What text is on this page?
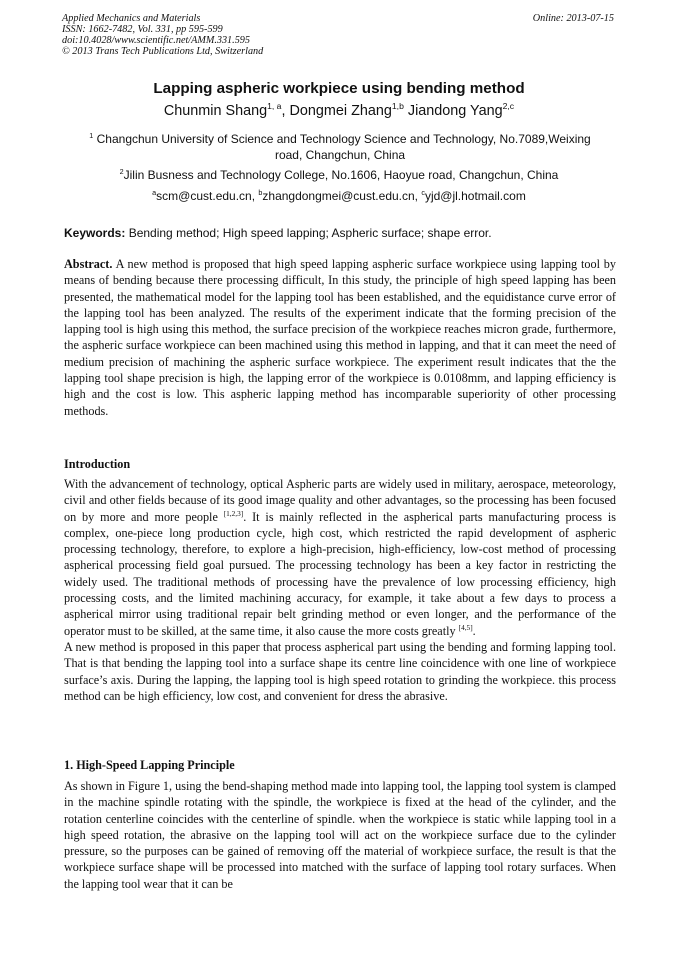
Applied Mechanics and Materials
ISSN: 1662-7482, Vol. 331, pp 595-599
doi:10.4028/www.scientific.net/AMM.331.595
© 2013 Trans Tech Publications Ltd, Switzerland
Online: 2013-07-15
Lapping aspheric workpiece using bending method
Chunmin Shang$^{1, a}$, Dongmei Zhang$^{1,b}$ Jiandong Yang$^{2,c}$
$^1$ Changchun University of Science and Technology Science and Technology, No.7089,Weixing
road, Changchun, China
$^2$Jilin Busness and Technology College, No.1606, Haoyue road, Changchun, China
$^a$scm@cust.edu.cn, $^b$zhangdongmei@cust.edu.cn, $^c$yjd@jl.hotmail.com
Keywords: Bending method; High speed lapping; Aspheric surface; shape error.
Abstract. A new method is proposed that high speed lapping aspheric surface workpiece using lapping tool by means of bending because there processing difficult, In this study, the principle of high speed lapping has been presented, the mathematical model for the lapping tool has been established, and the equidistance curve error of the lapping tool has been analyzed. The results of the experiment indicate that the forming precision of the lapping tool is high using this method, the surface precision of the workpiece reaches micron grade, furthermore, the aspheric surface workpiece can been machined using this method in lapping, and that it can meet the need of medium precision of machining the aspheric surface workpiece. The experiment result indicates that the the lapping tool shape precision is high, the lapping error of the workpiece is 0.0108mm, and lapping efficiency is high and the cost is low. This aspheric lapping method has incomparable superiority of other processing methods.
Introduction

With the advancement of technology, optical Aspheric parts are widely used in military, aerospace, meteorology, civil and other fields because of its good image quality and other advantages, so the processing has been focused on by more and more people [1,2,3]. It is mainly reflected in the aspherical parts manufacturing process is complex, one-piece long production cycle, high cost, which restricted the rapid development of aspheric processing technology, therefore, to explore a high-precision, high-efficiency, low-cost method of processing aspherical processing field goal pursued. The processing technology has been a key factor in restricting the widely used. The traditional methods of processing have the prevalence of low processing efficiency, high processing costs, and the limited machining accuracy, for example, it take about a few days to process a aspherical mirror using traditional repair belt grinding method or even longer, and the performance of the operator must to be skilled, at the same time, it also cause the more costs greatly [4,5].

A new method is proposed in this paper that process aspherical part using the bending and forming lapping tool. That is that bending the lapping tool into a surface shape its centre line coincidence with one line of workpiece surface’s axis. During the lapping, the lapping tool is high speed rotation to grinding the workpiece. this process method can be high efficiency, low cost, and convenient for dress the abrasive.

1. High-Speed Lapping Principle

As shown in Figure 1, using the bend-shaping method made into lapping tool, the lapping tool system is clamped in the machine spindle rotating with the spindle, the workpiece is fixed at the head of the cylinder, and the rotation centerline coincides with the centerline of spindle. when the workpiece is static while lapping tool in a high speed rotation, the abrasive on the lapping tool will act on the workpiece surface due to the cylinder pressure, so the purposes can be gained of removing off the material of workpiece surface, the result is that the workpiece surface shape will be processed into matched with the surface of lapping tool rotary surfaces. When the lapping tool wear that it can be
